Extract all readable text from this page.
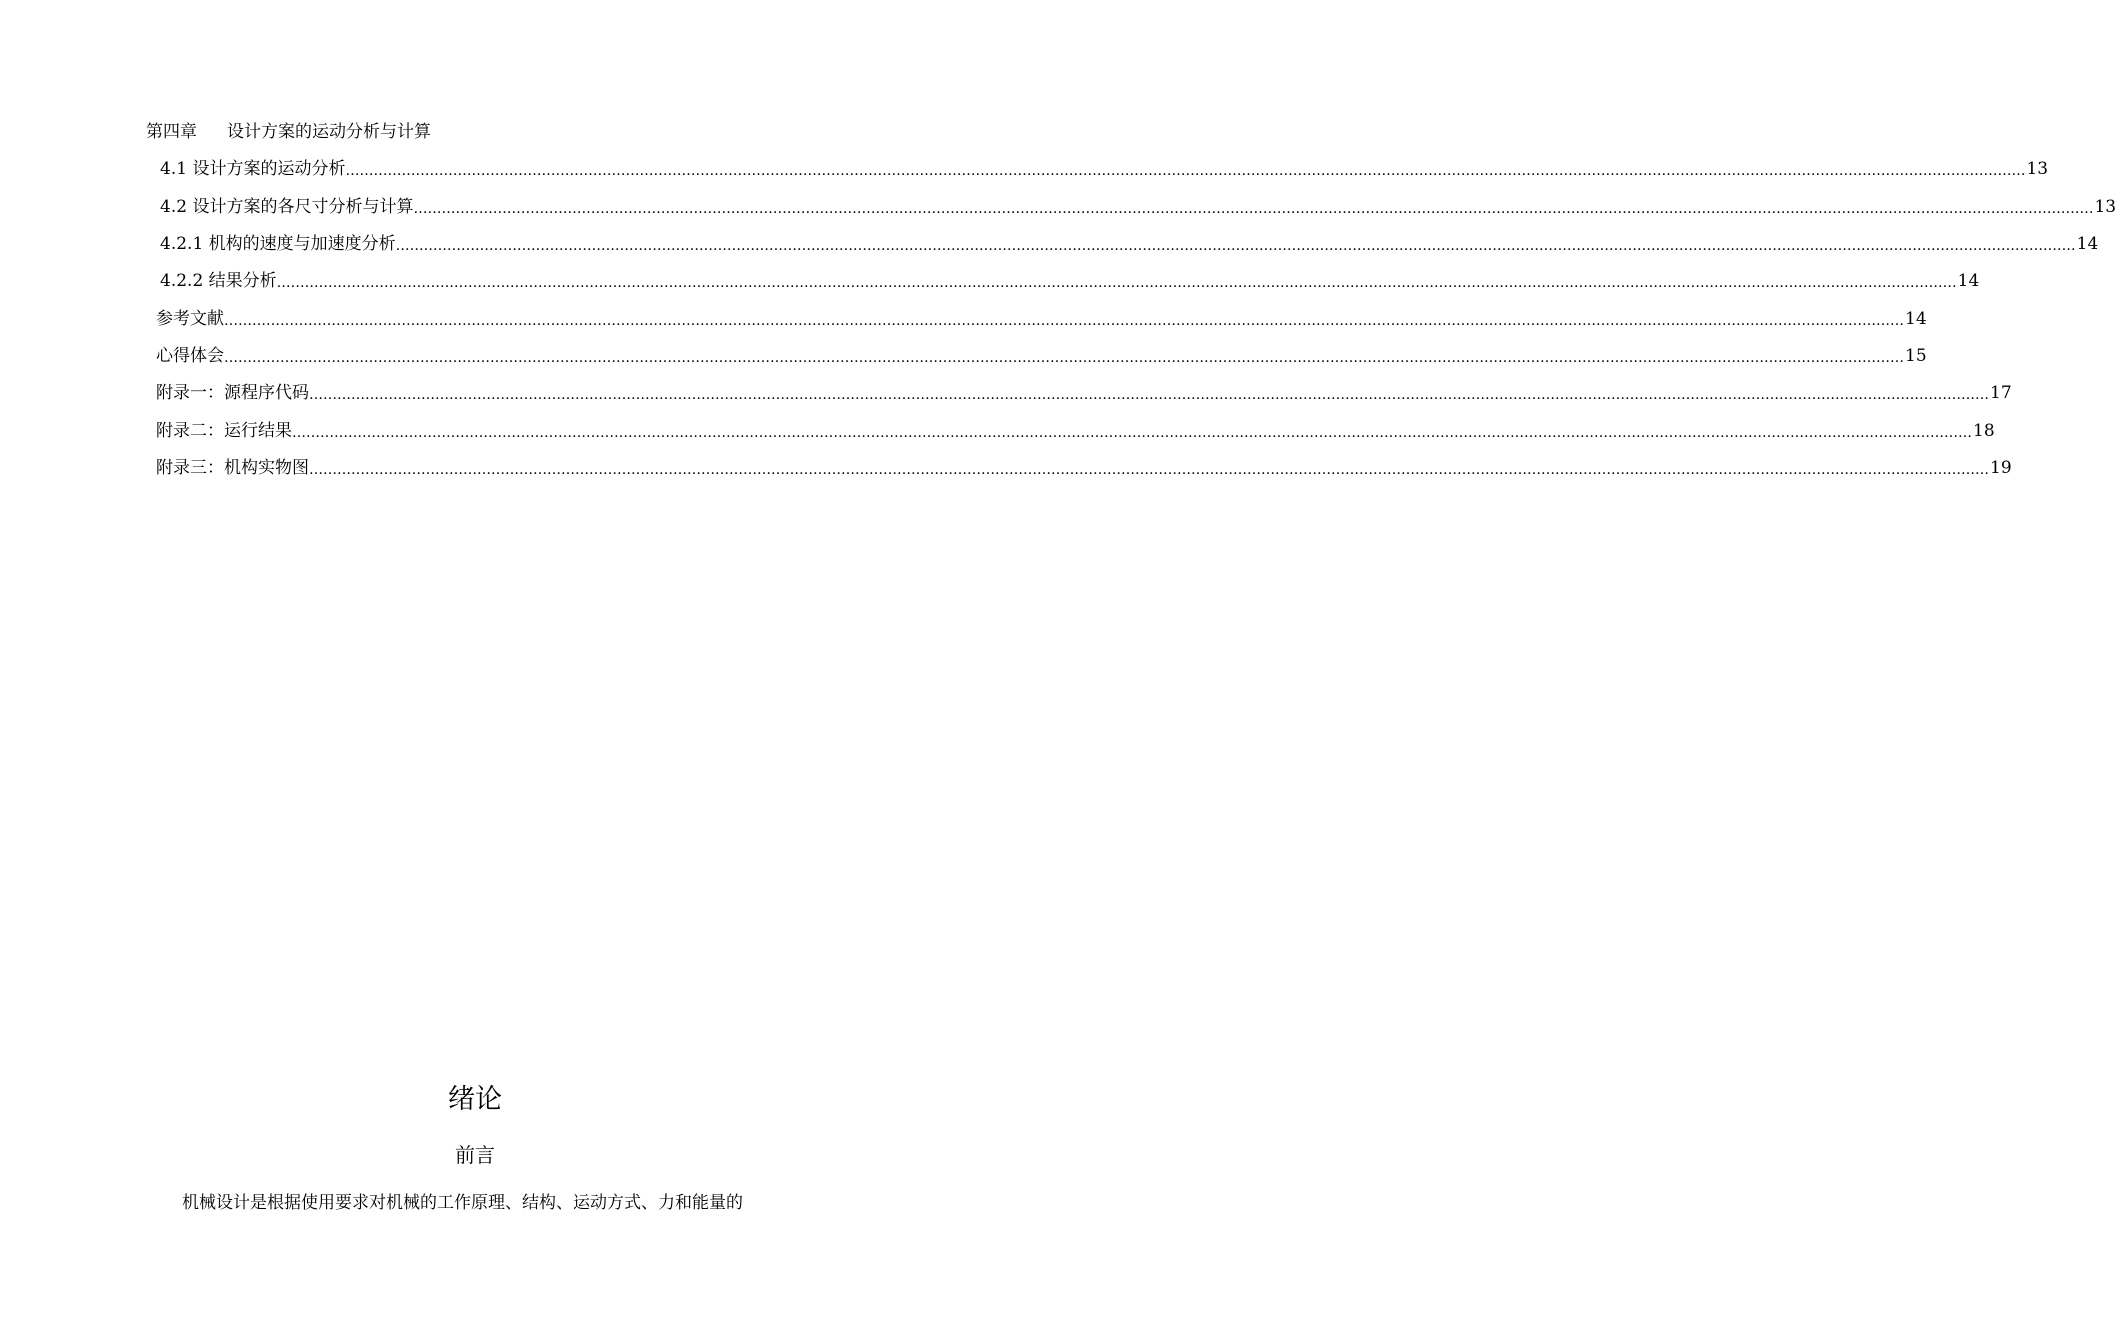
第四章 设计方案的运动分析与计算
4.1 设计方案的运动分析 ……………………………………………………………………………………………………………………………………………………………………………………………………………………………………………………………………………………………………………………………… 13
4.2 设计方案的各尺寸分析与计算 ……………………………………………………………………………………………………………………………………………………………………………………………………………………………………………………………………………………………………………………………… 13
4.2.1 机构的速度与加速度分析 ……………………………………………………………………………………………………………………………………………………………………………………………………………………………………………………………………………………………………………………………… 14
4.2.2 结果分析 ……………………………………………………………………………………………………………………………………………………………………………………………………………………………………………………………………………………………………………………………… 14
参考文献 ……………………………………………………………………………………………………………………………………………………………………………………………………………………………………………………………………………………………………………………………… 14
心得体会 ……………………………………………………………………………………………………………………………………………………………………………………………………………………………………………………………………………………………………………………………… 15
附录一：源程序代码 ……………………………………………………………………………………………………………………………………………………………………………………………………………………………………………………………………………………………………………………………… 17
附录二：运行结果 ……………………………………………………………………………………………………………………………………………………………………………………………………………………………………………………………………………………………………………………………… 18
附录三：机构实物图 ……………………………………………………………………………………………………………………………………………………………………………………………………………………………………………………………………………………………………………………………… 19
绪论
前言
机械设计是根据使用要求对机械的工作原理、结构、运动方式、力和能量的
